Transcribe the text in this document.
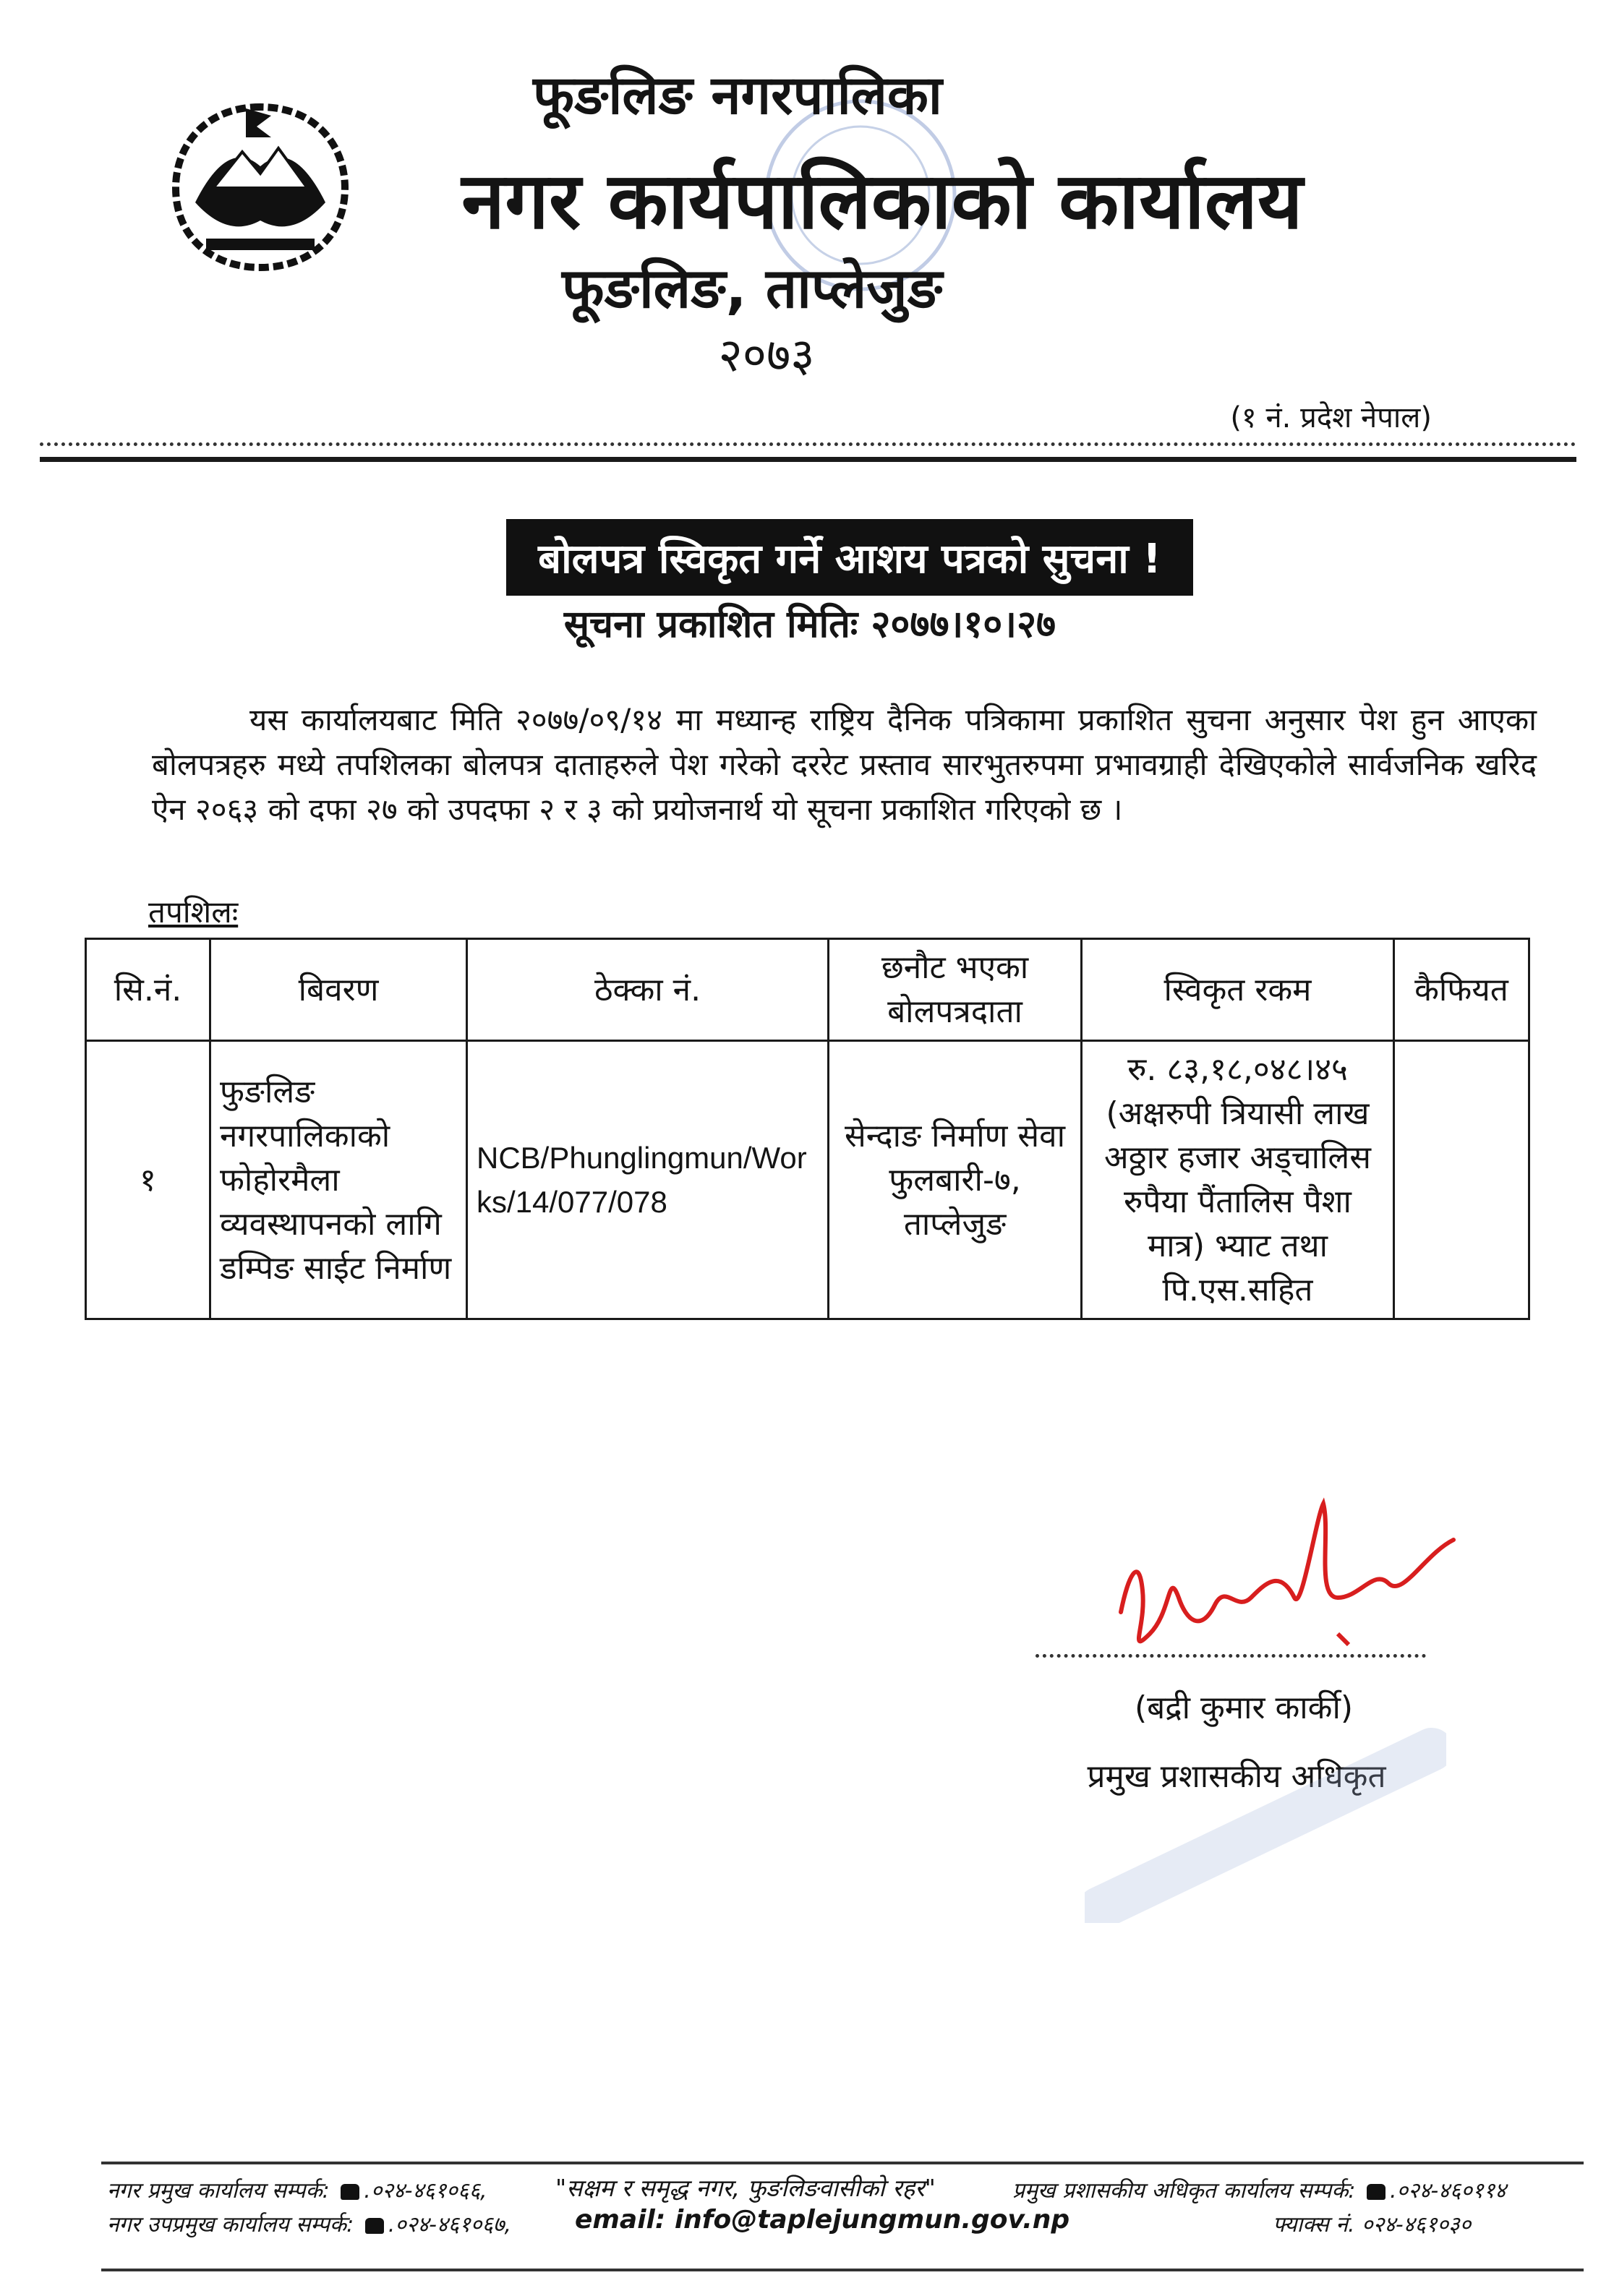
फूङलिङ नगरपालिका
नगर कार्यपालिकाको कार्यालय
फूङलिङ, ताप्लेजुङ
२०७३
(१ नं. प्रदेश नेपाल)
बोलपत्र स्विकृत गर्ने आशय पत्रको सुचना !
सूचना प्रकाशित मितिः २०७७।१०।२७
यस कार्यालयबाट मिति २०७७/०९/१४ मा मध्यान्ह राष्ट्रिय दैनिक पत्रिकामा प्रकाशित सुचना अनुसार पेश हुन आएका बोलपत्रहरु मध्ये तपशिलका बोलपत्र दाताहरुले पेश गरेको दररेट प्रस्ताव सारभुतरुपमा प्रभावग्राही देखिएकोले सार्वजनिक खरिद ऐन २०६३ को दफा २७ को उपदफा २ र ३ को प्रयोजनार्थ यो सूचना प्रकाशित गरिएको छ ।
तपशिलः
सि.नं.	बिवरण	ठेक्का नं.	छनौट भएका बोलपत्रदाता	स्विकृत रकम	कैफियत
१	फुङलिङ नगरपालिकाको फोहोरमैला व्यवस्थापनको लागि डम्पिङ साईट निर्माण	NCB/Phunglingmun/Works/14/077/078	सेन्दाङ निर्माण सेवा फुलबारी-७, ताप्लेजुङ	रु. ८३,१८,०४८।४५ (अक्षरुपी त्रियासी लाख अठ्ठार हजार अड्चालिस रुपैया पैंतालिस पैशा मात्र) भ्याट तथा पि.एस.सहित	
(बद्री कुमार कार्की)
प्रमुख प्रशासकीय अधिकृत
नगर प्रमुख कार्यालय सम्पर्क: .०२४-४६१०६६,
नगर उपप्रमुख कार्यालय सम्पर्क: .०२४-४६१०६७,
"सक्षम र समृद्ध नगर, फुङलिङवासीको रहर"
email: info@taplejungmun.gov.np
प्रमुख प्रशासकीय अधिकृत कार्यालय सम्पर्क: .०२४-४६०११४
फ्याक्स नं. ०२४-४६१०३०
